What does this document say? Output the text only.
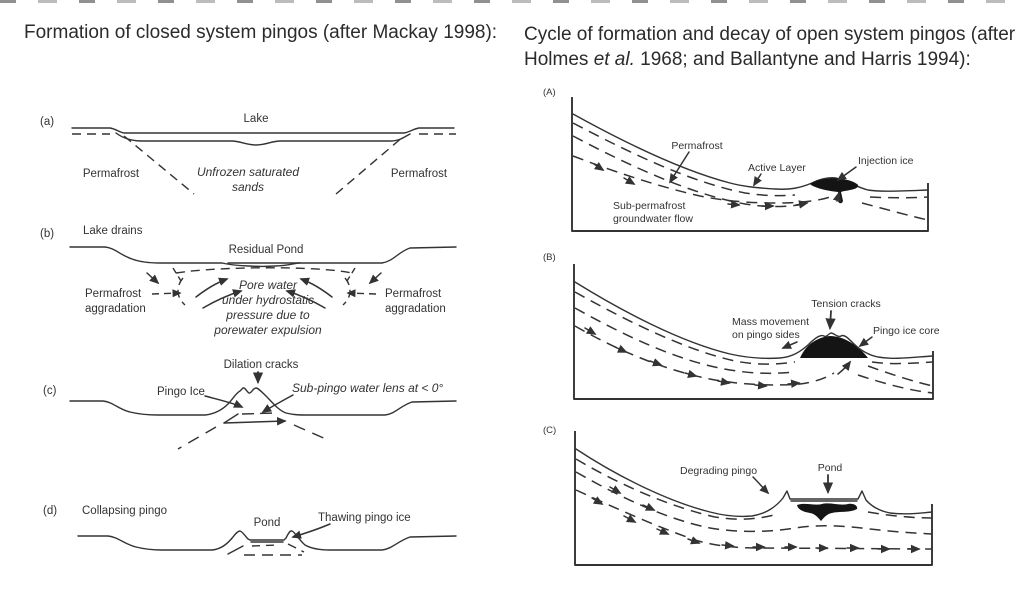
Formation of closed system pingos (after Mackay 1998): Cycle of formation and decay of open system pingos (after
Holmes et al. 1968; and Ballantyne and Harris 1994):
(a)	Lake
Permafrost	Unfrozen saturated
sands
Permafrost
(b)	Lake drains
Residual Pond
Permafrost
aggradation
Permafrost
aggradation
Pore water
under hydrostatic
pressure due to
porewater expulsion
(c)
Dilation cracks
Pingo Ice	Sub-pingo water lens at < 0°
(d) Collapsing pingo
Pond	Thawing pingo ice
(A)
Permafrost
Active Layer
Injection ice
Sub-permafrost
groundwater flow
(B)
Tension cracks
Mass movement
on pingo sides	Pingo ice core
(C)
Degrading pingo	Pond
